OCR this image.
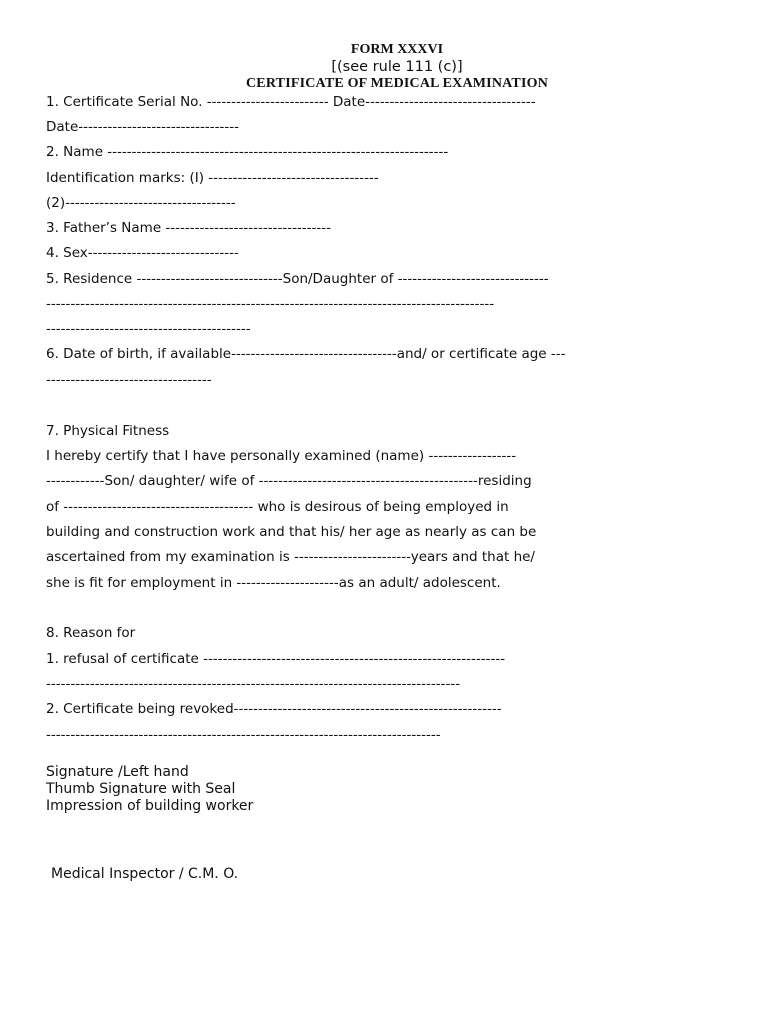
FORM XXXVI
[(see rule 111 (c)]
CERTIFICATE OF MEDICAL EXAMINATION
1. Certificate Serial No. ------------------------- Date-----------------------------------
Date---------------------------------
2. Name ----------------------------------------------------------------------
Identification marks: (I) -----------------------------------
(2)-----------------------------------
3. Father’s Name ----------------------------------
4. Sex-------------------------------
5. Residence ------------------------------Son/Daughter of -------------------------------
--------------------------------------------------------------------------------------------
------------------------------------------
6. Date of birth, if available----------------------------------and/ or certificate age ---
----------------------------------
7. Physical Fitness
I hereby certify that I have personally examined (name) ------------------
------------Son/ daughter/ wife of ---------------------------------------------residing
of --------------------------------------- who is desirous of being employed in
building and construction work and that his/ her age as nearly as can be
ascertained from my examination is ------------------------years and that he/
she is fit for employment in ---------------------as an adult/ adolescent.
8. Reason for
1. refusal of certificate --------------------------------------------------------------
-------------------------------------------------------------------------------------
2. Certificate being revoked-------------------------------------------------------
---------------------------------------------------------------------------------
Signature /Left hand
Thumb Signature with Seal
Impression of building worker
Medical Inspector / C.M. O.
